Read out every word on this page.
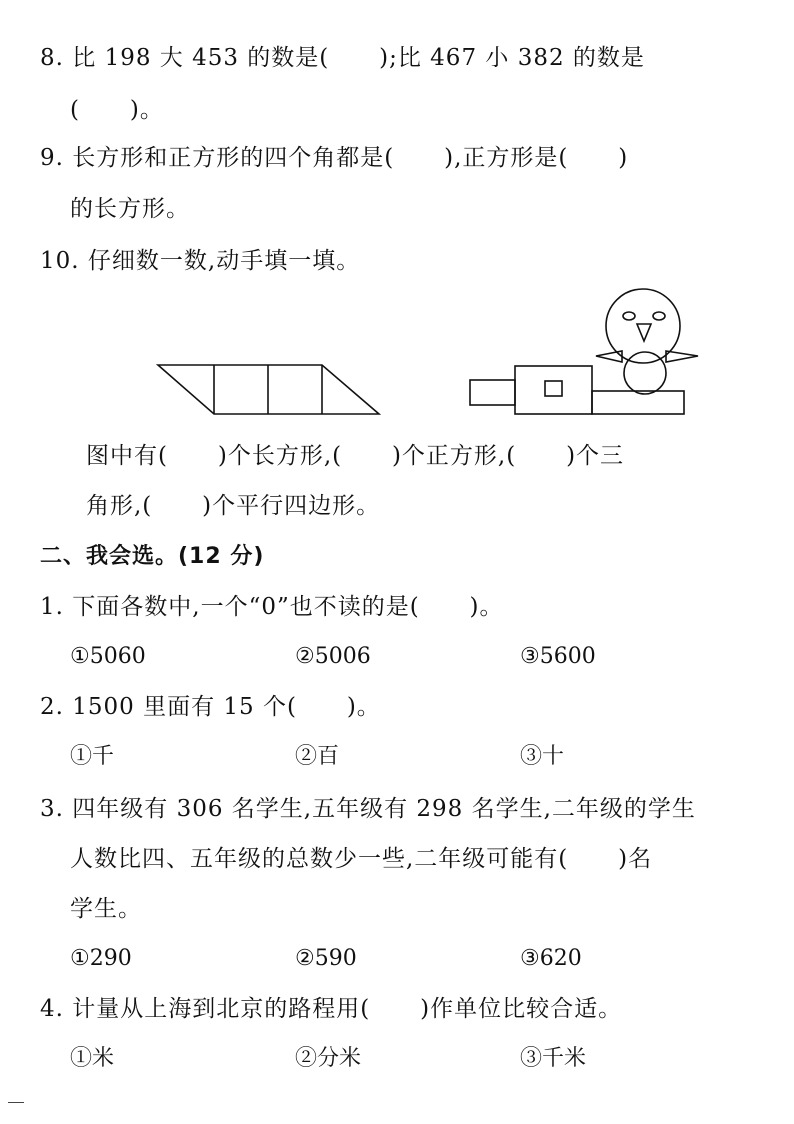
8. 比 198 大 453 的数是(      );比 467 小 382 的数是
(      )。
9. 长方形和正方形的四个角都是(      ),正方形是(      )
的长方形。
10. 仔细数一数,动手填一填。
图中有(      )个长方形,(      )个正方形,(      )个三
角形,(      )个平行四边形。
二、我会选。(12 分)
1. 下面各数中,一个“0”也不读的是(      )。
①5060	②5006	③5600
2. 1500 里面有 15 个(      )。
①千	②百	③十
3. 四年级有 306 名学生,五年级有 298 名学生,二年级的学生
人数比四、五年级的总数少一些,二年级可能有(      )名
学生。
①290	②590	③620
4. 计量从上海到北京的路程用(      )作单位比较合适。
①米	②分米	③千米
